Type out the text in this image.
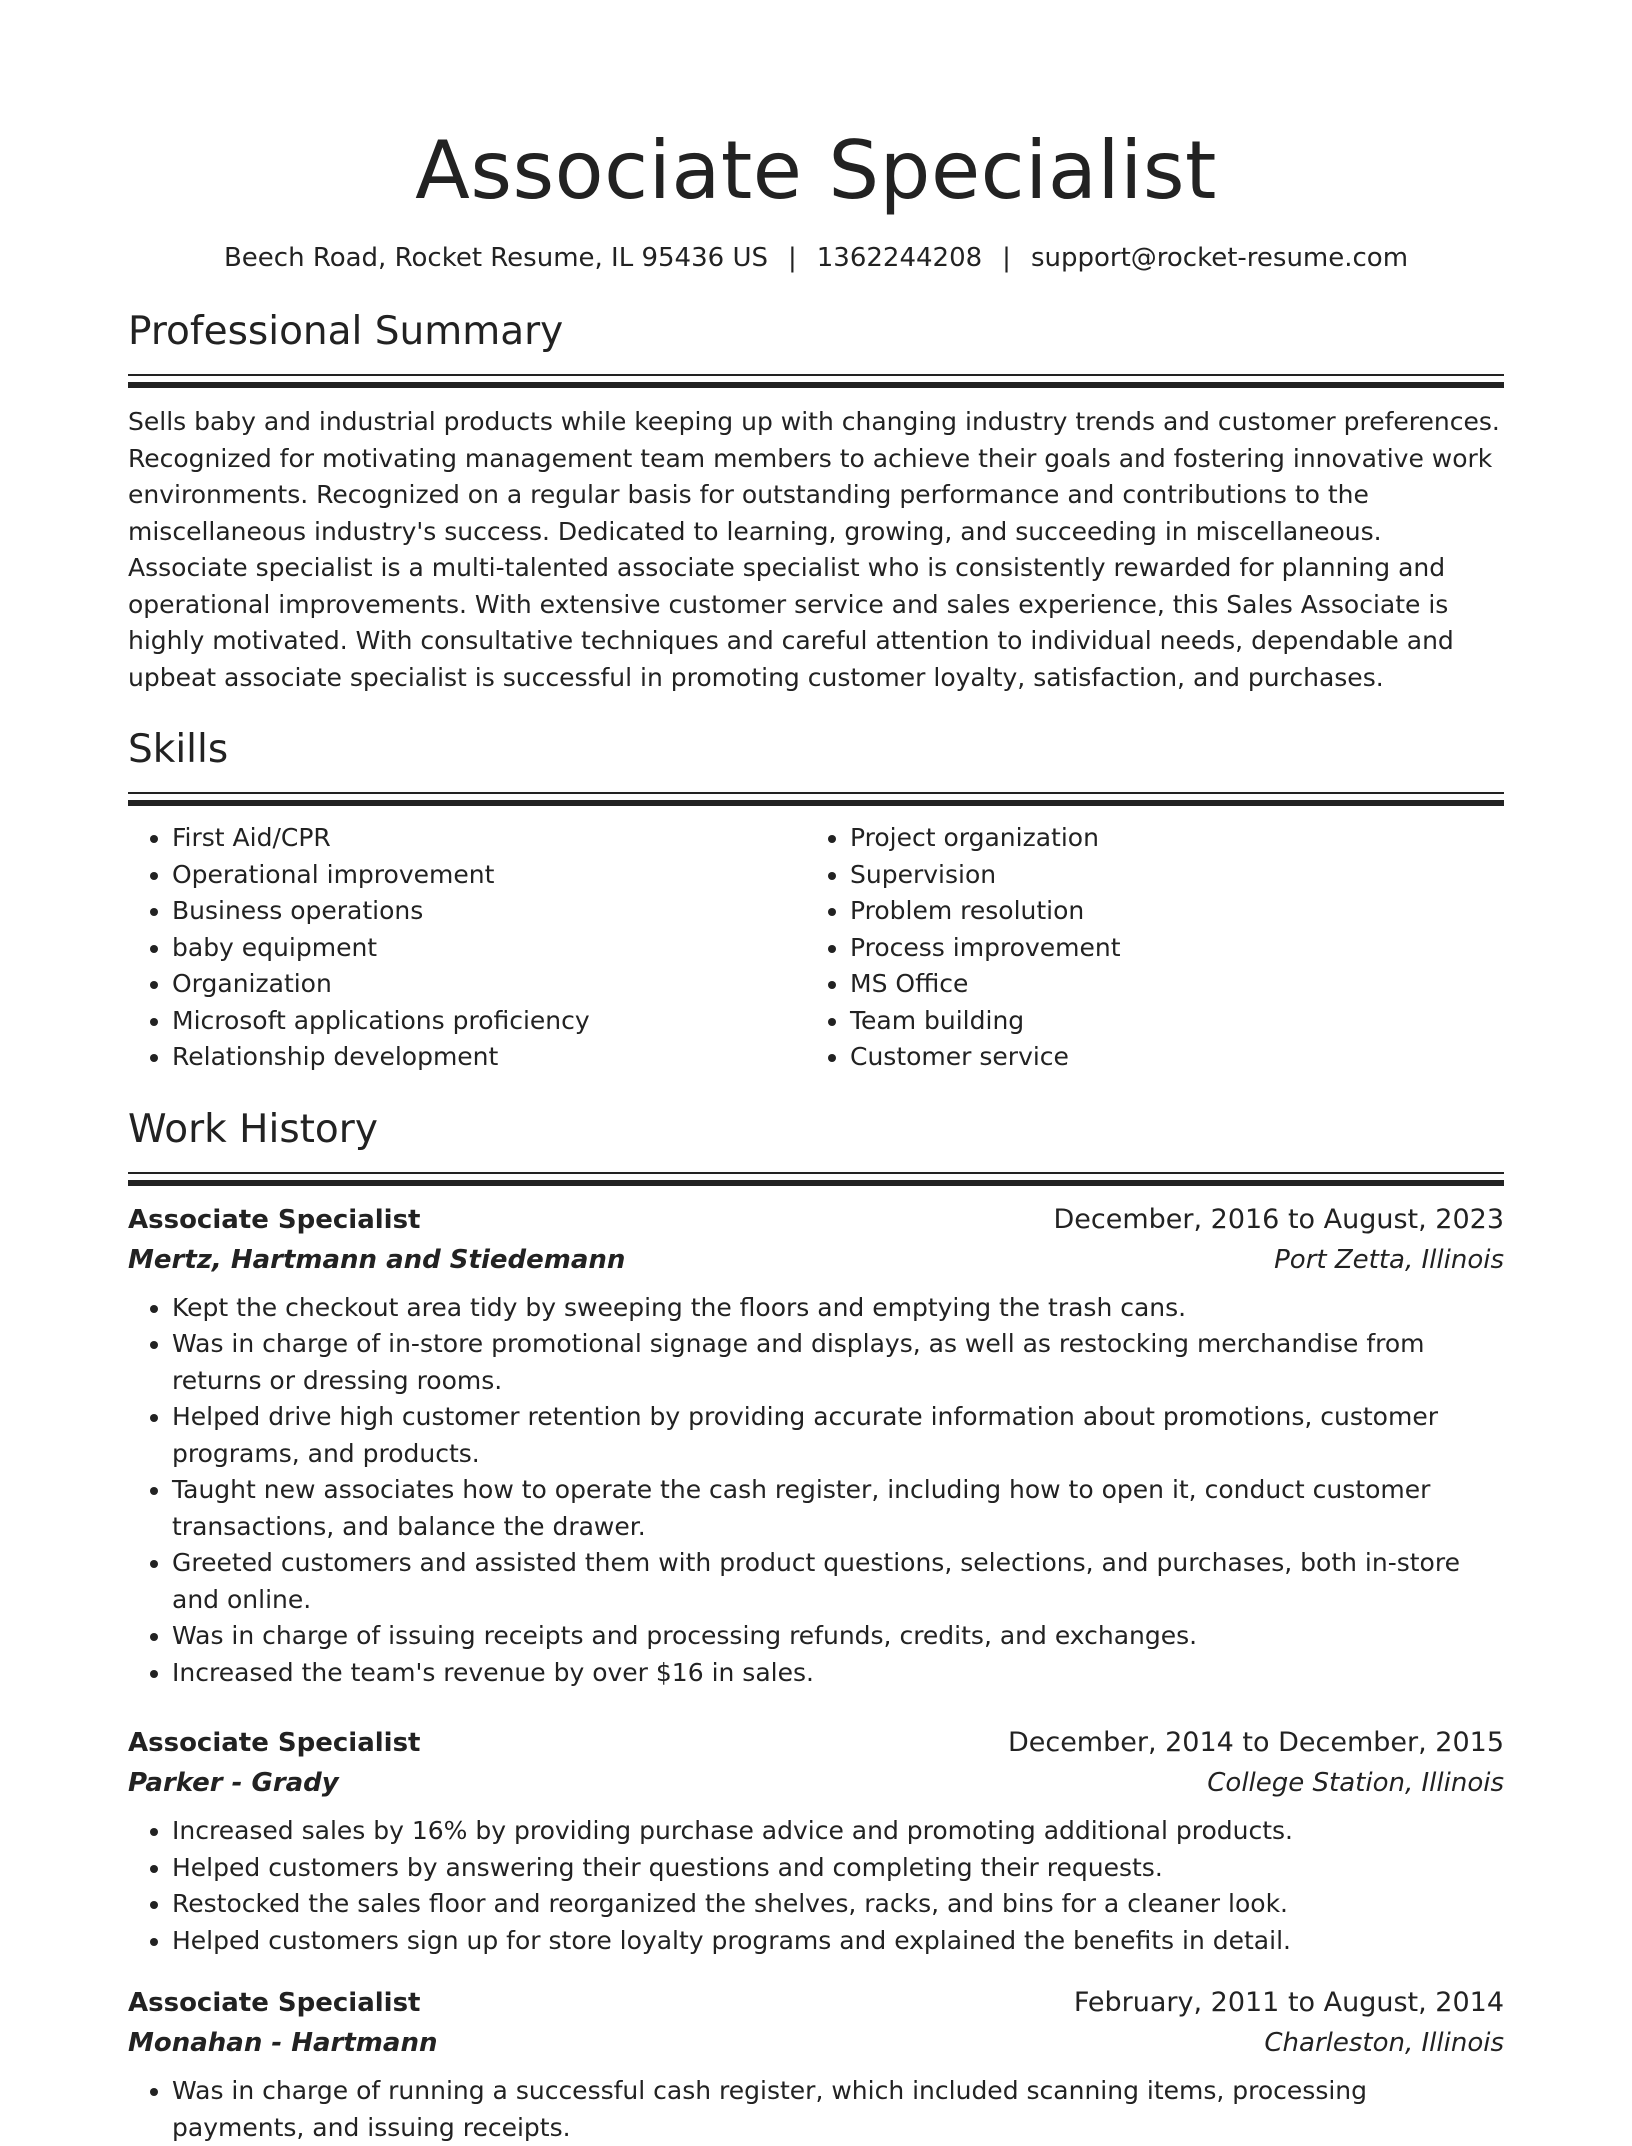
Associate Specialist
Beech Road, Rocket Resume, IL 95436 US | 1362244208 | support@rocket-resume.com
Professional Summary

Sells baby and industrial products while keeping up with changing industry trends and customer preferences. Recognized for motivating management team members to achieve their goals and fostering innovative work environments. Recognized on a regular basis for outstanding performance and contributions to the miscellaneous industry's success. Dedicated to learning, growing, and succeeding in miscellaneous. Associate specialist is a multi-talented associate specialist who is consistently rewarded for planning and operational improvements. With extensive customer service and sales experience, this Sales Associate is highly motivated. With consultative techniques and careful attention to individual needs, dependable and upbeat associate specialist is successful in promoting customer loyalty, satisfaction, and purchases.

Skills
• First Aid/CPR
• Operational improvement
• Business operations
• baby equipment
• Organization
• Microsoft applications proficiency
• Relationship development
• Project organization
• Supervision
• Problem resolution
• Process improvement
• MS Office
• Team building
• Customer service
Work History
Associate Specialist	December, 2016 to August, 2023
Mertz, Hartmann and Stiedemann	Port Zetta, Illinois
• Kept the checkout area tidy by sweeping the floors and emptying the trash cans.
• Was in charge of in-store promotional signage and displays, as well as restocking merchandise from returns or dressing rooms.
• Helped drive high customer retention by providing accurate information about promotions, customer programs, and products.
• Taught new associates how to operate the cash register, including how to open it, conduct customer transactions, and balance the drawer.
• Greeted customers and assisted them with product questions, selections, and purchases, both in-store and online.
• Was in charge of issuing receipts and processing refunds, credits, and exchanges.
• Increased the team's revenue by over $16 in sales.
Associate Specialist	December, 2014 to December, 2015
Parker - Grady	College Station, Illinois
• Increased sales by 16% by providing purchase advice and promoting additional products.
• Helped customers by answering their questions and completing their requests.
• Restocked the sales floor and reorganized the shelves, racks, and bins for a cleaner look.
• Helped customers sign up for store loyalty programs and explained the benefits in detail.
Associate Specialist	February, 2011 to August, 2014
Monahan - Hartmann	Charleston, Illinois
• Was in charge of running a successful cash register, which included scanning items, processing payments, and issuing receipts.
